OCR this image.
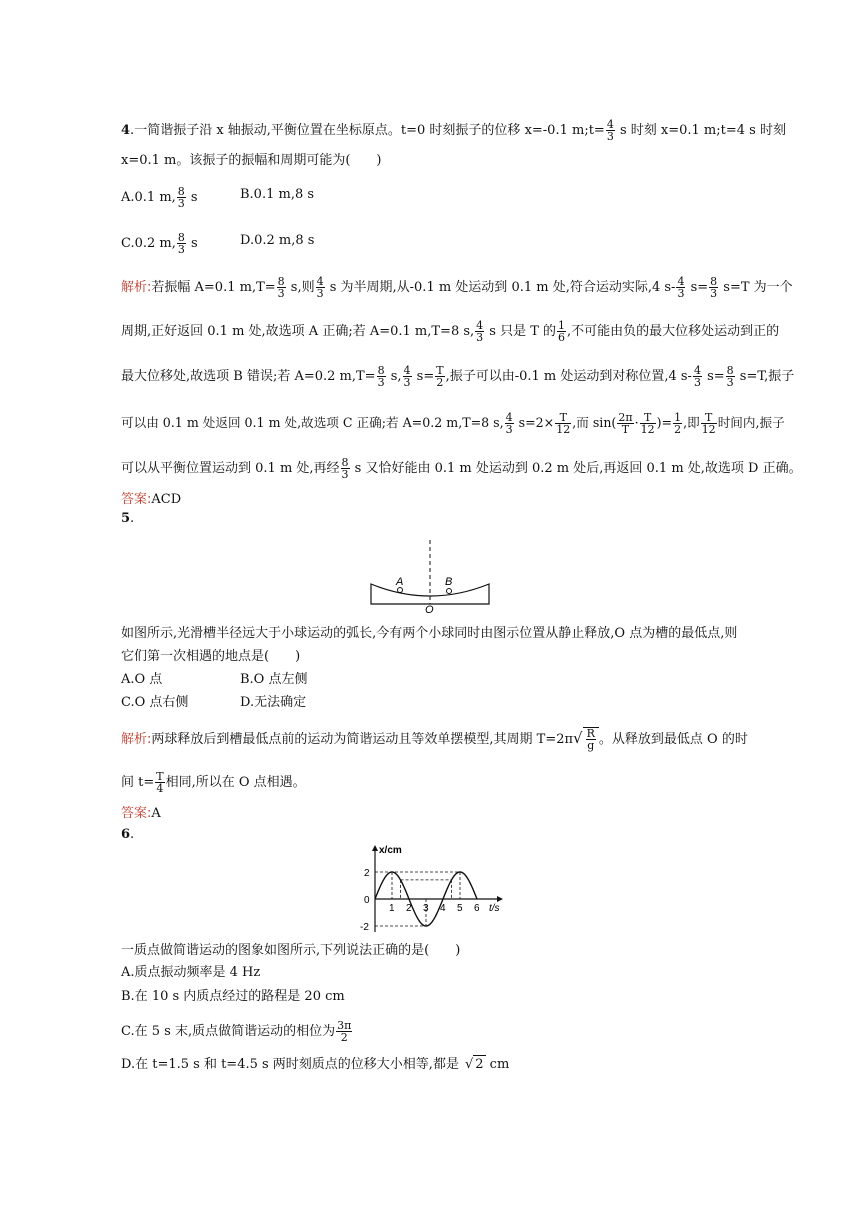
4.一简谐振子沿 x 轴振动,平衡位置在坐标原点。t=0 时刻振子的位移 x=-0.1 m;t= $\frac{4}{3}$ s 时刻 x=0.1 m;t=4 s 时刻
x=0.1 m。该振子的振幅和周期可能为(　　)
A.0.1 m, $\frac{8}{3}$ s	B.0.1 m,8 s
C.0.2 m, $\frac{8}{3}$ s	D.0.2 m,8 s
解析:若振幅 A=0.1 $m,T= \frac{8}{3} s$,则 $\frac{4}{3}$ s 为半周期,从-0.1 m 处运动到 0.1 m 处,符合运动实际,4 $s- \frac{4}{3} s= \frac{8}{3} s=T$ 为一个
周期,正好返回 0.1 m 处,故选项 A 正确;若 A=0.1 m,T=8 s, $\frac{4}{3}$ s 只是 T 的 $\frac{1}{6}$ ,不可能由负的最大位移处运动到正的
最大位移处,故选项 B 错误;若 A=0.2 $m,T= \frac{8}{3} s$, $\frac{4}{3} s= \frac{T}{2}$ ,振子可以由-0.1 m 处运动到对称位置,4 $s- \frac{4}{3} s= \frac{8}{3} s=T$,振子
可以由 0.1 m 处返回 0.1 m 处,故选项 C 正确;若 A=0.2 m,T=8 s, $\frac{4}{3} s=2\times \frac{T}{12}$ ,而 $\sin( \frac{2\pi}{T} \cdot \frac{T}{12}$ )= $\frac{1}{2}$ ,即 $\frac{T}{12}$ 时间内,振子
可以从平衡位置运动到 0.1 m 处,再经 $\frac{8}{3}$ s 又恰好能由 0.1 m 处运动到 0.2 m 处后,再返回 0.1 m 处,故选项 D 正确。
答案:ACD
5.
A	B
O
如图所示,光滑槽半径远大于小球运动的弧长,今有两个小球同时由图示位置从静止释放,O 点为槽的最低点,则
它们第一次相遇的地点是(　　)
A.O 点	B.O 点左侧
C.O 点右侧	D.无法确定
解析:两球释放后到槽最低点前的运动为简谐运动且等效单摆模型,其周期 $T=2\pi√ \frac{R}{g}$ 。从释放到最低点 O 的时
间 $t= \frac{T}{4}$ 相同,所以在 O 点相遇。
答案:A
6.
1 2 3 4 5 6
2
0
-2
x/cm
t/s
一质点做简谐运动的图象如图所示,下列说法正确的是(　　)
A.质点振动频率是 4 Hz
B.在 10 s 内质点经过的路程是 20 cm
C.在 5 s 末,质点做简谐运动的相位为 $\frac{3\pi}{2}$
D.在 t=1.5 s 和 t=4.5 s 两时刻质点的位移大小相等,都是 √ 2 cm
